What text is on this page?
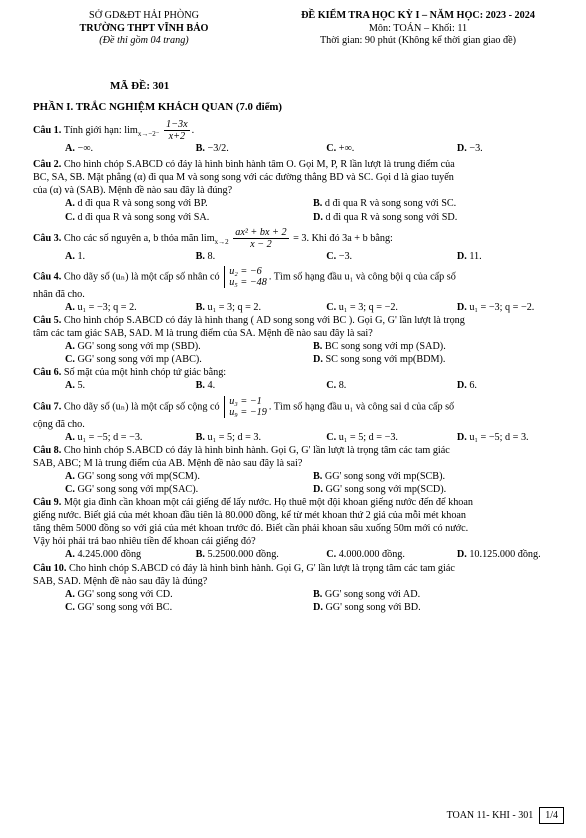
SỞ GD&ĐT HẢI PHÒNG
TRƯỜNG THPT VĨNH BẢO
(Đề thi gồm 04 trang)
ĐỀ KIỂM TRA HỌC KỲ I – NĂM HỌC: 2023 - 2024
Môn: TOÁN – Khối: 11
Thời gian: 90 phút (Không kể thời gian giao đề)
MÃ ĐỀ: 301
PHẦN I. TRẮC NGHIỆM KHÁCH QUAN (7.0 điểm)
Câu 1. Tính giới hạn: $\lim_{x\to-2^-} \frac{1-3x}{x+2}$ .
A. −∞.	B. −3/2.	C. +∞.	D. −3.
Câu 2. Cho hình chóp S.ABCD có đáy là hình bình hành tâm O. Gọi M, P, R lần lượt là trung điểm của
BC, SA, SB. Mặt phẳng (α) đi qua M và song song với các đường thẳng BD và SC. Gọi d là giao tuyến
của (α) và (SAB). Mệnh đề nào sau đây là đúng?
A. d đi qua R và song song với BP.	B. d đi qua R và song song với SC.
C. d đi qua R và song song với SA.	D. d đi qua R và song song với SD.
Câu 3. Cho các số nguyên a, b thỏa mãn $\lim_{x\to 2} \frac{\text{ax² + bx + 2}}{x - 2} = 3$. Khi đó 3a + b bằng:
A. 1.	B. 8.	C. −3.	D. 11.
Câu 4. Cho dãy số (uₙ) là một cấp số nhân có u₂ = −6
u₅ = −48
. Tìm số hạng đầu u₁ và công bội q của cấp số
nhân đã cho.
A. u₁ = −3; q = 2.	B. u₁ = 3; q = 2.	C. u₁ = 3; q = −2.	D. u₁ = −3; q = −2.
Câu 5. Cho hình chóp S.ABCD có đáy là hình thang ( AD song song với BC ). Gọi G, G' lần lượt là trọng
tâm các tam giác SAB, SAD. M là trung điểm của SA. Mệnh đề nào sau đây là sai?
A. GG' song song với mp (SBD).	B. BC song song với mp (SAD).
C. GG' song song với mp (ABC).	D. SC song song với mp(BDM).
Câu 6. Số mặt của một hình chóp tứ giác bằng:
A. 5.	B. 4.	C. 8.	D. 6.
Câu 7. Cho dãy số (uₙ) là một cấp số cộng có u₃ = −1
u₉ = −19
. Tìm số hạng đầu u₁ và công sai d của cấp số
cộng đã cho.
A. u₁ = −5; d = −3.	B. u₁ = 5; d = 3.	C. u₁ = 5; d = −3.	D. u₁ = −5; d = 3.
Câu 8. Cho hình chóp S.ABCD có đáy là hình bình hành. Gọi G, G' lần lượt là trọng tâm các tam giác
SAB, ABC; M là trung điểm của AB. Mệnh đề nào sau đây là sai?
A. GG' song song với mp(SCM).	B. GG' song song với mp(SCB).
C. GG' song song với mp(SAC).	D. GG' song song với mp(SCD).
Câu 9. Một gia đình cần khoan một cái giếng để lấy nước. Họ thuê một đội khoan giếng nước đến để khoan
giếng nước. Biết giá của mét khoan đầu tiên là 80.000 đồng, kể từ mét khoan thứ 2 giá của mỗi mét khoan
tăng thêm 5000 đồng so với giá của mét khoan trước đó. Biết cần phải khoan sâu xuống 50m mới có nước.
Vậy hỏi phải trả bao nhiêu tiền để khoan cái giếng đó?
A. 4.245.000 đồng	B. 5.2500.000 đồng.	C. 4.000.000 đồng.	D. 10.125.000 đồng.
Câu 10. Cho hình chóp S.ABCD có đáy là hình bình hành. Gọi G, G' lần lượt là trọng tâm các tam giác
SAB, SAD. Mệnh đề nào sau đây là đúng?
A. GG' song song với CD.	B. GG' song song với AD.
C. GG' song song với BC.	D. GG' song song với BD.
TOAN 11- KHI - 301	1/4
